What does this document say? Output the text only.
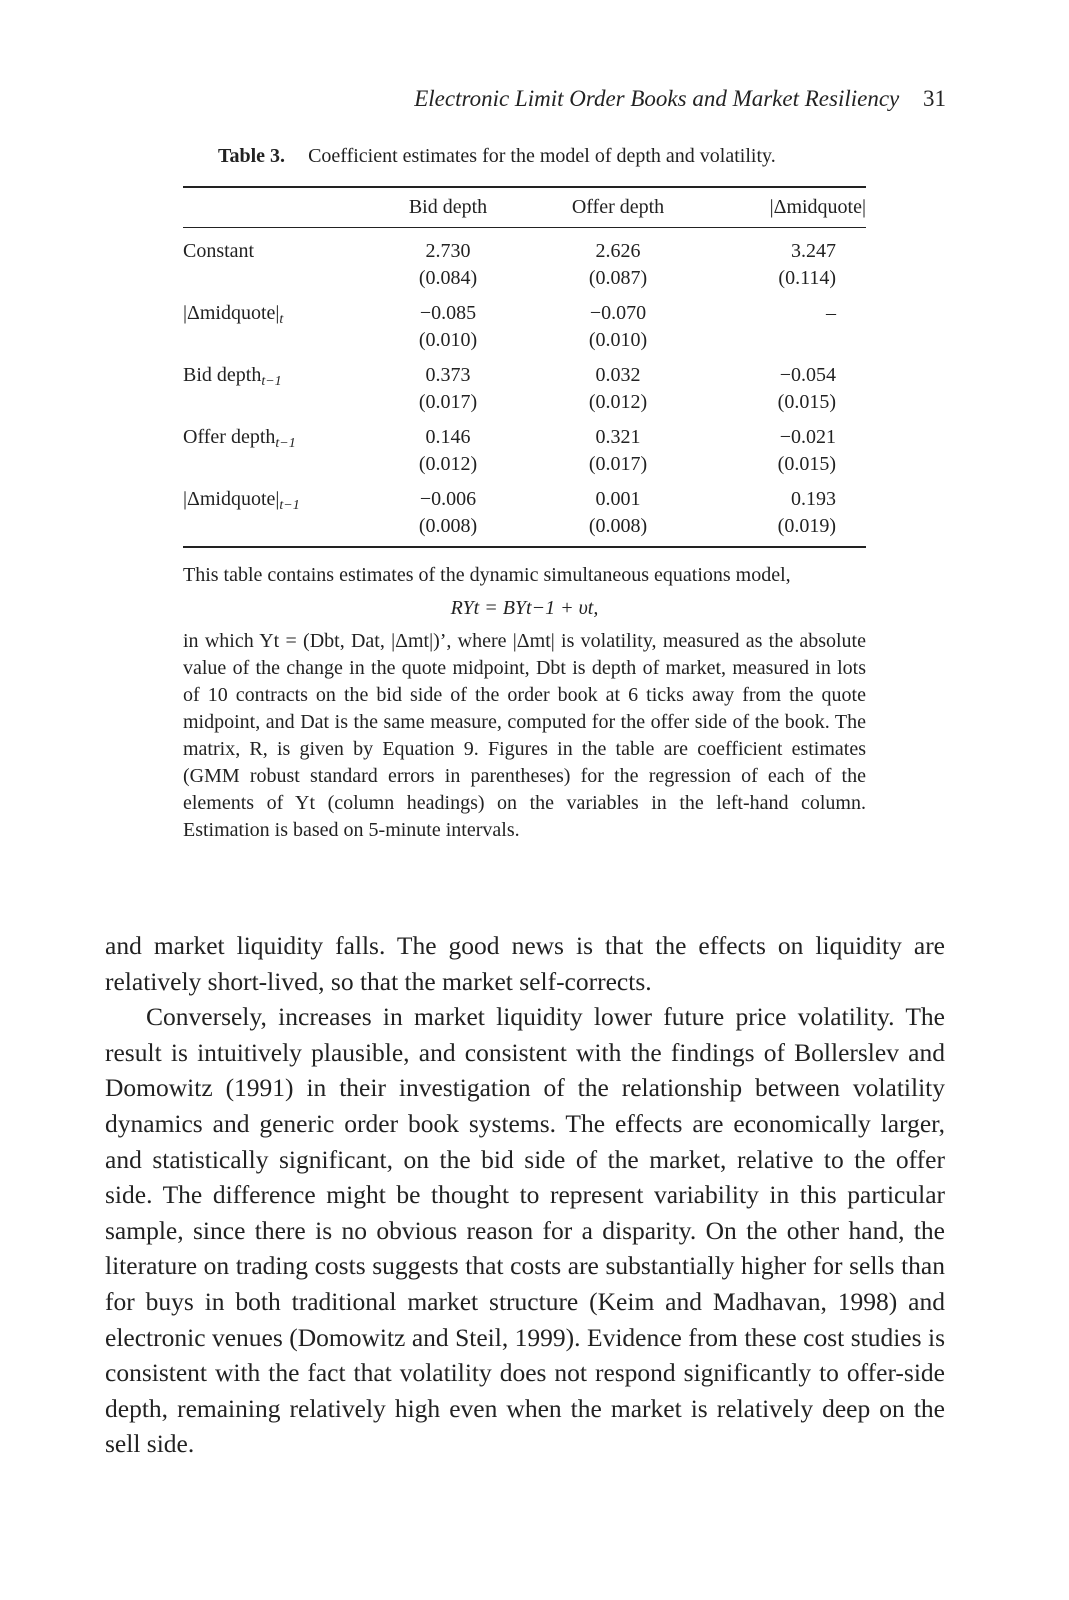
Electronic Limit Order Books and Market Resiliency 31
Table 3. Coefficient estimates for the model of depth and volatility.
	Bid depth	Offer depth	|Δmidquote|
Constant	2.730	2.626	3.247
	(0.084)	(0.087)	(0.114)
$|\Delta midquote|_t$	−0.085	−0.070	–
	(0.010)	(0.010)	
Bid depth$_{t-1}$	0.373	0.032	−0.054
	(0.017)	(0.012)	(0.015)
Offer depth$_{t-1}$	0.146	0.321	−0.021
	(0.012)	(0.017)	(0.015)
$|\Delta midquote|_{t-1}$	−0.006	0.001	0.193
	(0.008)	(0.008)	(0.019)

This table contains estimates of the dynamic simultaneous equations model,

RYt = BYt−1 + υt,

in which Yt = (Dbt, Dat, |Δmt|)’, where |Δmt| is volatility, measured as the absolute value of the change in the quote midpoint, Dbt is depth of market, measured in lots of 10 contracts on the bid side of the order book at 6 ticks away from the quote midpoint, and Dat is the same measure, computed for the offer side of the book. The matrix, R, is given by Equation 9. Figures in the table are coefficient estimates (GMM robust standard errors in parentheses) for the regression of each of the elements of Yt (column headings) on the variables in the left-hand column. Estimation is based on 5-minute intervals.

and market liquidity falls. The good news is that the effects on liquidity are relatively short-lived, so that the market self-corrects.

Conversely, increases in market liquidity lower future price volatility. The result is intuitively plausible, and consistent with the findings of Bollerslev and Domowitz (1991) in their investigation of the relationship between volatility dynamics and generic order book systems. The effects are economically larger, and statistically significant, on the bid side of the market, relative to the offer side. The difference might be thought to represent variability in this particular sample, since there is no obvious reason for a disparity. On the other hand, the literature on trading costs suggests that costs are substantially higher for sells than for buys in both traditional market structure (Keim and Madhavan, 1998) and electronic venues (Domowitz and Steil, 1999). Evidence from these cost studies is consistent with the fact that volatility does not respond significantly to offer-side depth, remaining relatively high even when the market is relatively deep on the sell side.
